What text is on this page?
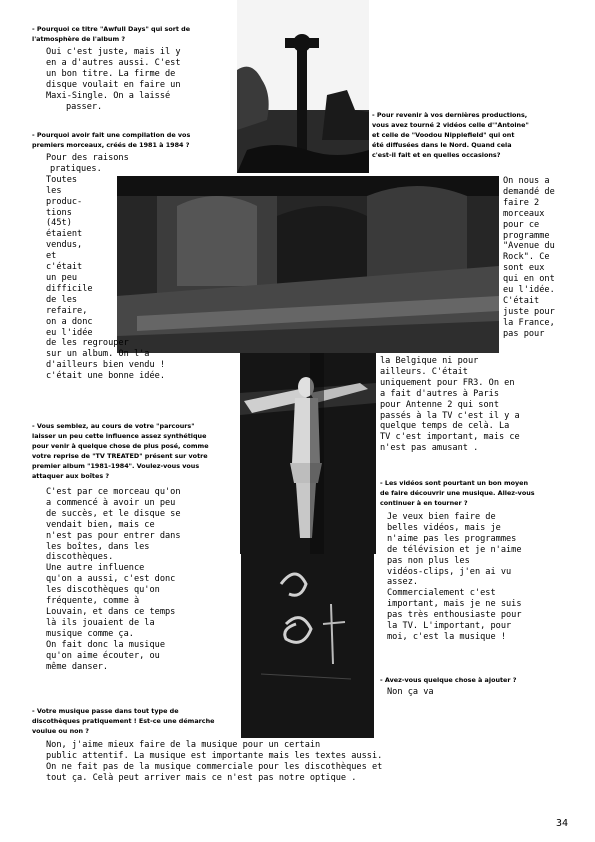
- Pourquoi ce titre "Awfull Days" qui sort de
l'atmosphère de l'album ?
Oui c'est juste, mais il y
en a d'autres aussi. C'est
un bon titre. La firme de
disque voulait en faire un
Maxi-Single. On a laissé
passer.
- Pourquoi avoir fait une compilation de vos
premiers morceaux, créés de 1981 à 1984 ?
Pour des raisons
pratiques.
Toutes
les
produc-
tions
(45t)
étaient
vendus,
et
c'était
un peu
difficile
de les
refaire,
on a donc
eu l'idée
de les regrouper
sur un album. On l'a
d'ailleurs bien vendu !
c'était une bonne idée.
- Pour revenir à vos dernières productions,
vous avez tourné 2 vidéos celle d'"Antoine"
et celle de "Voodou Nipplefield" qui ont
été diffusées dans le Nord. Quand cela
c'est-il fait et en quelles occasions?
On nous a
demandé de
faire 2
morceaux
pour ce
programme
"Avenue du
Rock". Ce
sont eux
qui en ont
eu l'idée.
C'était
juste pour
la France,
pas pour
la Belgique ni pour
ailleurs. C'était
uniquement pour FR3. On en
a fait d'autres à Paris
pour Antenne 2 qui sont
passés à la TV c'est il y a
quelque temps de celà. La
TV c'est important, mais ce
n'est pas amusant .
- Vous semblez, au cours de votre "parcours"
laisser un peu cette influence assez synthétique
pour venir à quelque chose de plus posé, comme
votre reprise de "TV TREATED" présent sur votre
premier album "1981-1984". Voulez-vous vous
attaquer aux boîtes ?
C'est par ce morceau qu'on
a commencé à avoir un peu
de succès, et le disque se
vendait bien, mais ce
n'est pas pour entrer dans
les boîtes, dans les
discothèques.
Une autre influence
qu'on a aussi, c'est donc
les discothèques qu'on
fréquente, comme à
Louvain, et dans ce temps
là ils jouaient de la
musique comme ça.
On fait donc la musique
qu'on aime écouter, ou
même danser.
- Les vidéos sont pourtant un bon moyen
de faire découvrir une musique. Allez-vous
continuer à en tourner ?
Je veux bien faire de
belles vidéos, mais je
n'aime pas les programmes
de télévision et je n'aime
pas non plus les
vidéos-clips, j'en ai vu
assez.
Commercialement c'est
important, mais je ne suis
pas très enthousiaste pour
la TV. L'important, pour
moi, c'est la musique !
- Avez-vous quelque chose à ajouter ?
Non ça va
- Votre musique passe dans tout type de
discothèques pratiquement ! Est-ce une démarche
voulue ou non ?
Non, j'aime mieux faire de la musique pour un certain
public attentif. La musique est importante mais les textes aussi.
On ne fait pas de la musique commerciale pour les discothèques et
tout ça. Celà peut arriver mais ce n'est pas notre optique .
34
